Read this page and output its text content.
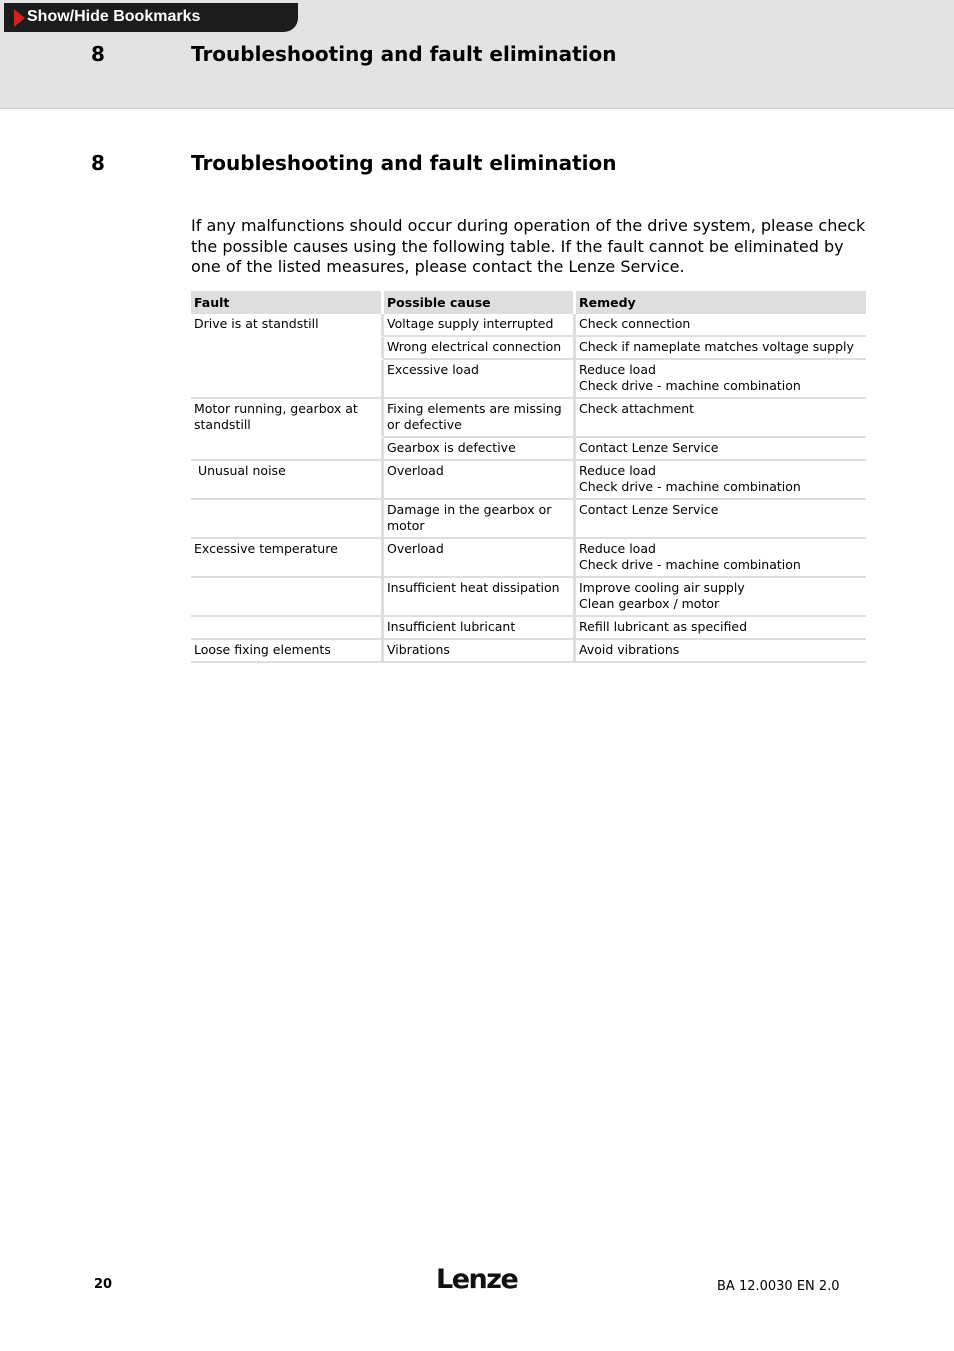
Show/Hide Bookmarks
8	Troubleshooting and fault elimination
8	Troubleshooting and fault elimination
If any malfunctions should occur during operation of the drive system, please check the possible causes using the following table. If the fault cannot be eliminated by one of the listed measures, please contact the Lenze Service.
Fault	Possible cause	Remedy
Drive is at standstill	Voltage supply interrupted	Check connection

	Wrong electrical connection	Check if nameplate matches voltage supply

	Excessive load	Reduce load
Check drive - machine combination

Motor running, gearbox at standstill	Fixing elements are missing or defective	Check attachment

	Gearbox is defective	Contact Lenze Service

Unusual noise	Overload	Reduce load
Check drive - machine combination

	Damage in the gearbox or motor	Contact Lenze Service

Excessive temperature	Overload	Reduce load
Check drive - machine combination

	Insufficient heat dissipation	Improve cooling air supply
Clean gearbox / motor

	Insufficient lubricant	Refill lubricant as specified

Loose fixing elements	Vibrations	Avoid vibrations
20	Lenze	BA 12.0030 EN 2.0
